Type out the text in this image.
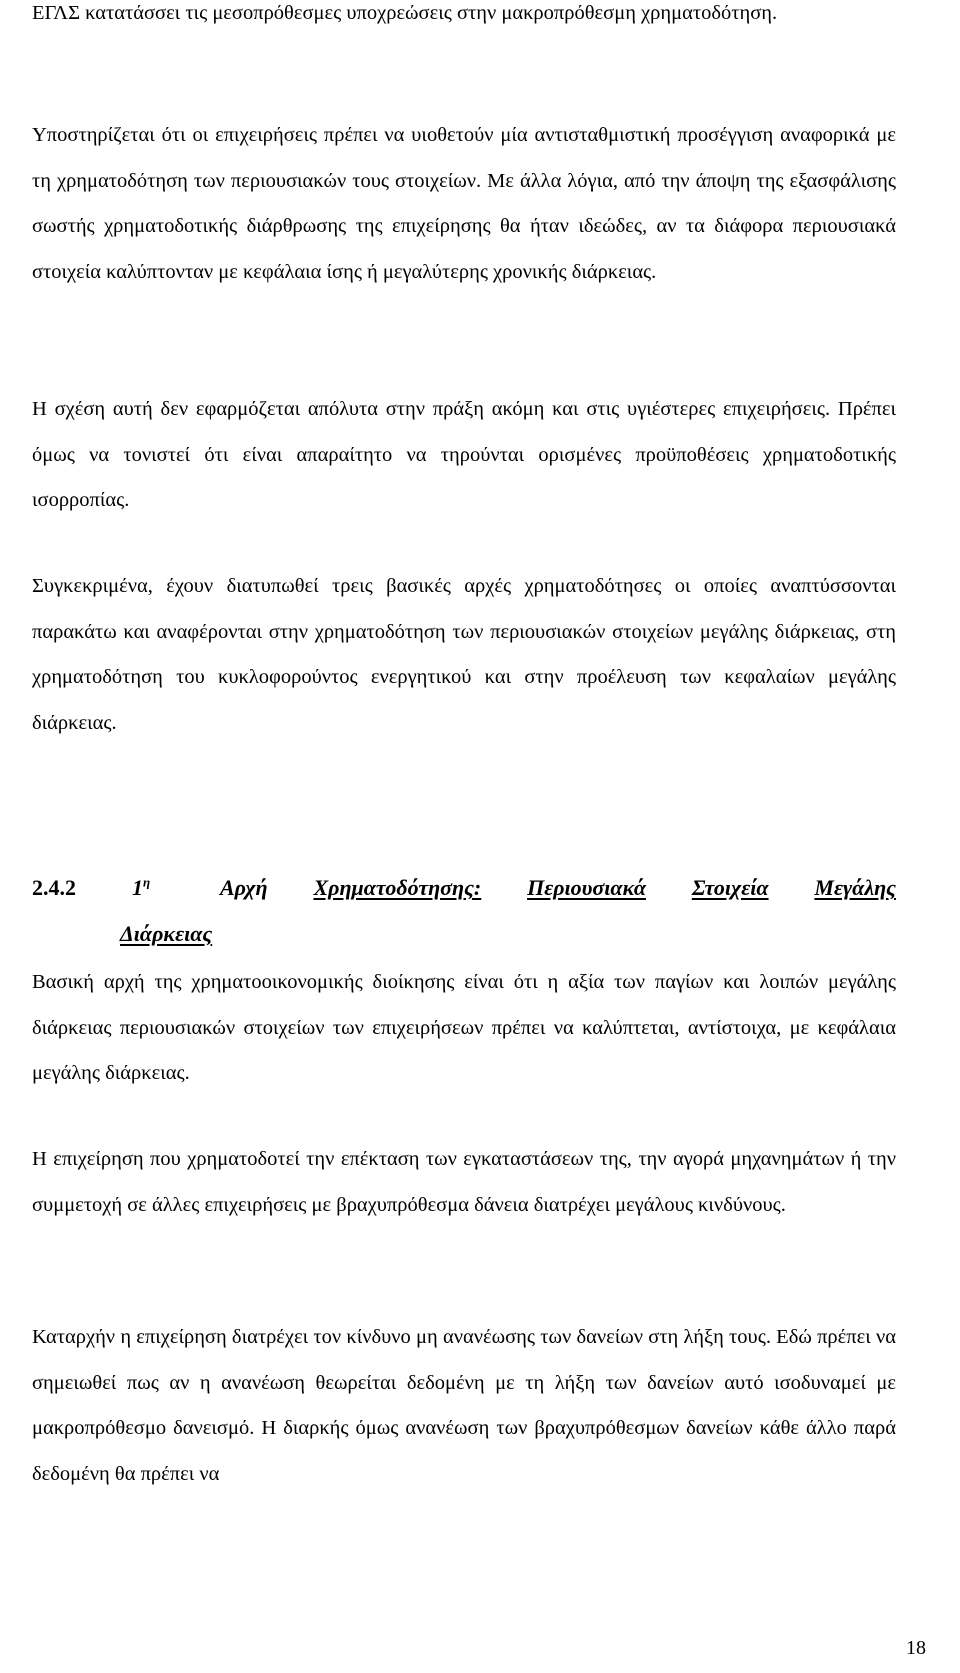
ΕΓΛΣ κατατάσσει τις μεσοπρόθεσμες υποχρεώσεις στην μακροπρόθεσμη χρηματοδότηση.

Υποστηρίζεται ότι οι επιχειρήσεις πρέπει να υιοθετούν μία αντισταθμιστική προσέγγιση αναφορικά με τη χρηματοδότηση των περιουσιακών τους στοιχείων. Με άλλα λόγια, από την άποψη της εξασφάλισης σωστής χρηματοδοτικής διάρθρωσης της επιχείρησης θα ήταν ιδεώδες, αν τα διάφορα περιουσιακά στοιχεία καλύπτονταν με κεφάλαια ίσης ή μεγαλύτερης χρονικής διάρκειας.

Η σχέση αυτή δεν εφαρμόζεται απόλυτα στην πράξη ακόμη και στις υγιέστερες επιχειρήσεις. Πρέπει όμως να τονιστεί ότι είναι απαραίτητο να τηρούνται ορισμένες προϋποθέσεις χρηματοδοτικής ισορροπίας.

Συγκεκριμένα, έχουν διατυπωθεί τρεις βασικές αρχές χρηματοδότησες οι οποίες αναπτύσσονται παρακάτω και αναφέρονται στην χρηματοδότηση των περιουσιακών στοιχείων μεγάλης διάρκειας, στη χρηματοδότηση του κυκλοφορούντος ενεργητικού και στην προέλευση των κεφαλαίων μεγάλης διάρκειας.

2.4.2	$1^\eta$	Αρχή Χρηματοδότησης: Περιουσιακά Στοιχεία Μεγάλης
Διάρκειας

Βασική αρχή της χρηματοοικονομικής διοίκησης είναι ότι η αξία των παγίων και λοιπών μεγάλης διάρκειας περιουσιακών στοιχείων των επιχειρήσεων πρέπει να καλύπτεται, αντίστοιχα, με κεφάλαια μεγάλης διάρκειας.

Η επιχείρηση που χρηματοδοτεί την επέκταση των εγκαταστάσεων της, την αγορά μηχανημάτων ή την συμμετοχή σε άλλες επιχειρήσεις με βραχυπρόθεσμα δάνεια διατρέχει μεγάλους κινδύνους.

Καταρχήν η επιχείρηση διατρέχει τον κίνδυνο μη ανανέωσης των δανείων στη λήξη τους. Εδώ πρέπει να σημειωθεί πως αν η ανανέωση θεωρείται δεδομένη με τη λήξη των δανείων αυτό ισοδυναμεί με μακροπρόθεσμο δανεισμό. Η διαρκής όμως ανανέωση των βραχυπρόθεσμων δανείων κάθε άλλο παρά δεδομένη θα πρέπει να

18
